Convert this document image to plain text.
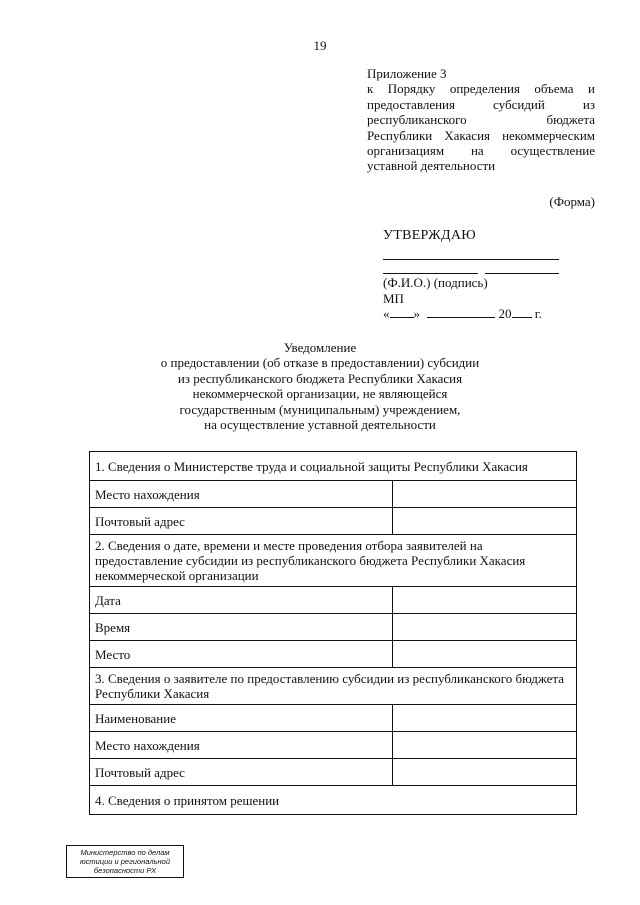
19
Приложение 3
к Порядку определения объема и
предоставления субсидий из
республиканского бюджета
Республики Хакасия некоммерческим
организациям на осуществление
уставной деятельности
(Форма)
УТВЕРЖДАЮ
(Ф.И.О.) (подпись)
МП
« »	20 г.
Уведомление
о предоставлении (об отказе в предоставлении) субсидии
из республиканского бюджета Республики Хакасия
некоммерческой организации, не являющейся
государственным (муниципальным) учреждением,
на осуществление уставной деятельности
1. Сведения о Министерстве труда и социальной защиты Республики Хакасия	
Место нахождения	
Почтовый адрес	
2. Сведения о дате, времени и месте проведения отбора заявителей на предоставление субсидии из республиканского бюджета Республики Хакасия некоммерческой организации	
Дата	
Время	
Место	
3. Сведения о заявителе по предоставлению субсидии из республиканского бюджета Республики Хакасия	
Наименование	
Место нахождения	
Почтовый адрес	
4. Сведения о принятом решении	
Министерство по делам
юстиции и региональной
безопасности РХ
